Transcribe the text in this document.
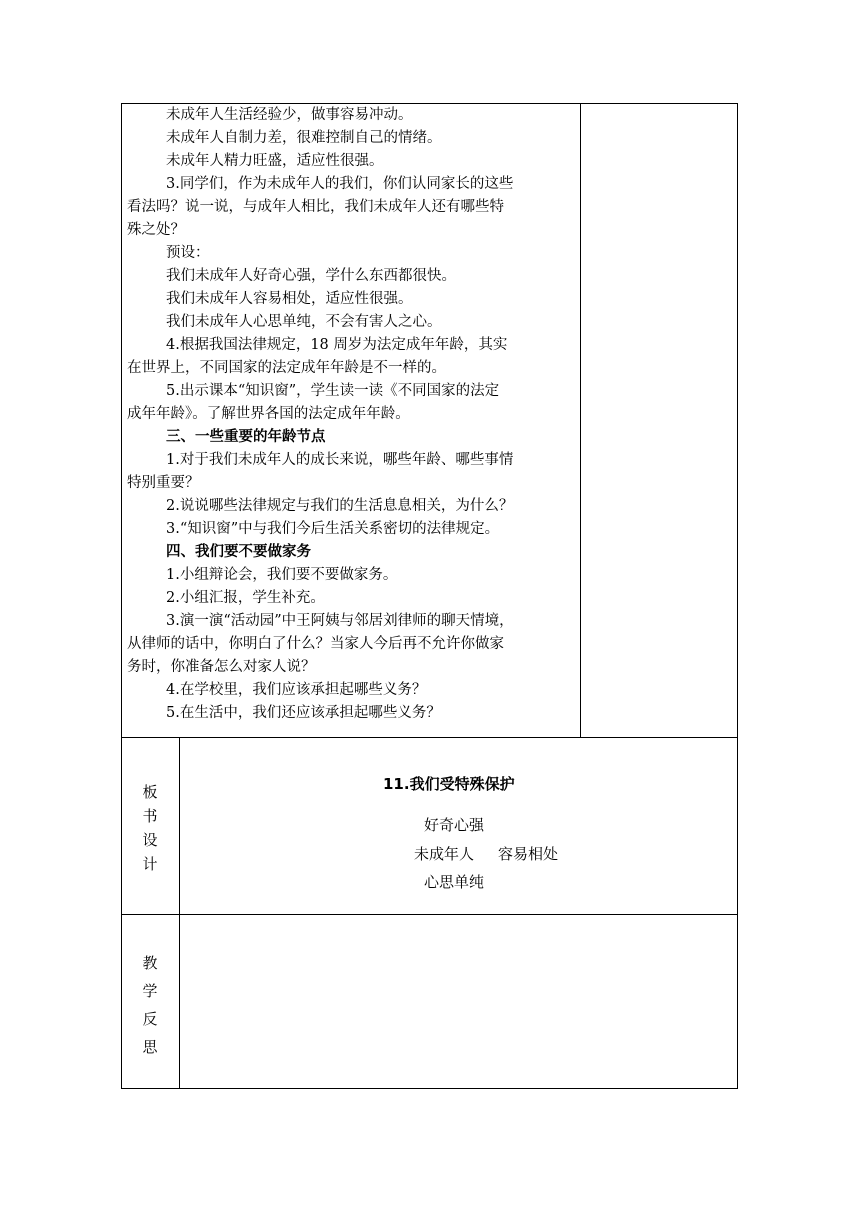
未成年人生活经验少，做事容易冲动。
未成年人自制力差，很难控制自己的情绪。
未成年人精力旺盛，适应性很强。
3.同学们，作为未成年人的我们，你们认同家长的这些
看法吗？说一说，与成年人相比，我们未成年人还有哪些特
殊之处？
预设：
我们未成年人好奇心强，学什么东西都很快。
我们未成年人容易相处，适应性很强。
我们未成年人心思单纯，不会有害人之心。
4.根据我国法律规定，18 周岁为法定成年年龄，其实
在世界上，不同国家的法定成年年龄是不一样的。
5.出示课本“知识窗”，学生读一读《不同国家的法定
成年年龄》。了解世界各国的法定成年年龄。
三、一些重要的年龄节点
1.对于我们未成年人的成长来说，哪些年龄、哪些事情
特别重要？
2.说说哪些法律规定与我们的生活息息相关，为什么？
3.“知识窗”中与我们今后生活关系密切的法律规定。
四、我们要不要做家务
1.小组辩论会，我们要不要做家务。
2.小组汇报，学生补充。
3.演一演“活动园”中王阿姨与邻居刘律师的聊天情境，
从律师的话中，你明白了什么？当家人今后再不允许你做家
务时，你准备怎么对家人说？
4.在学校里，我们应该承担起哪些义务？
5.在生活中，我们还应该承担起哪些义务？
板
书
设
计
11.我们受特殊保护
好奇心强
未成年人 容易相处
心思单纯
教
学
反
思
